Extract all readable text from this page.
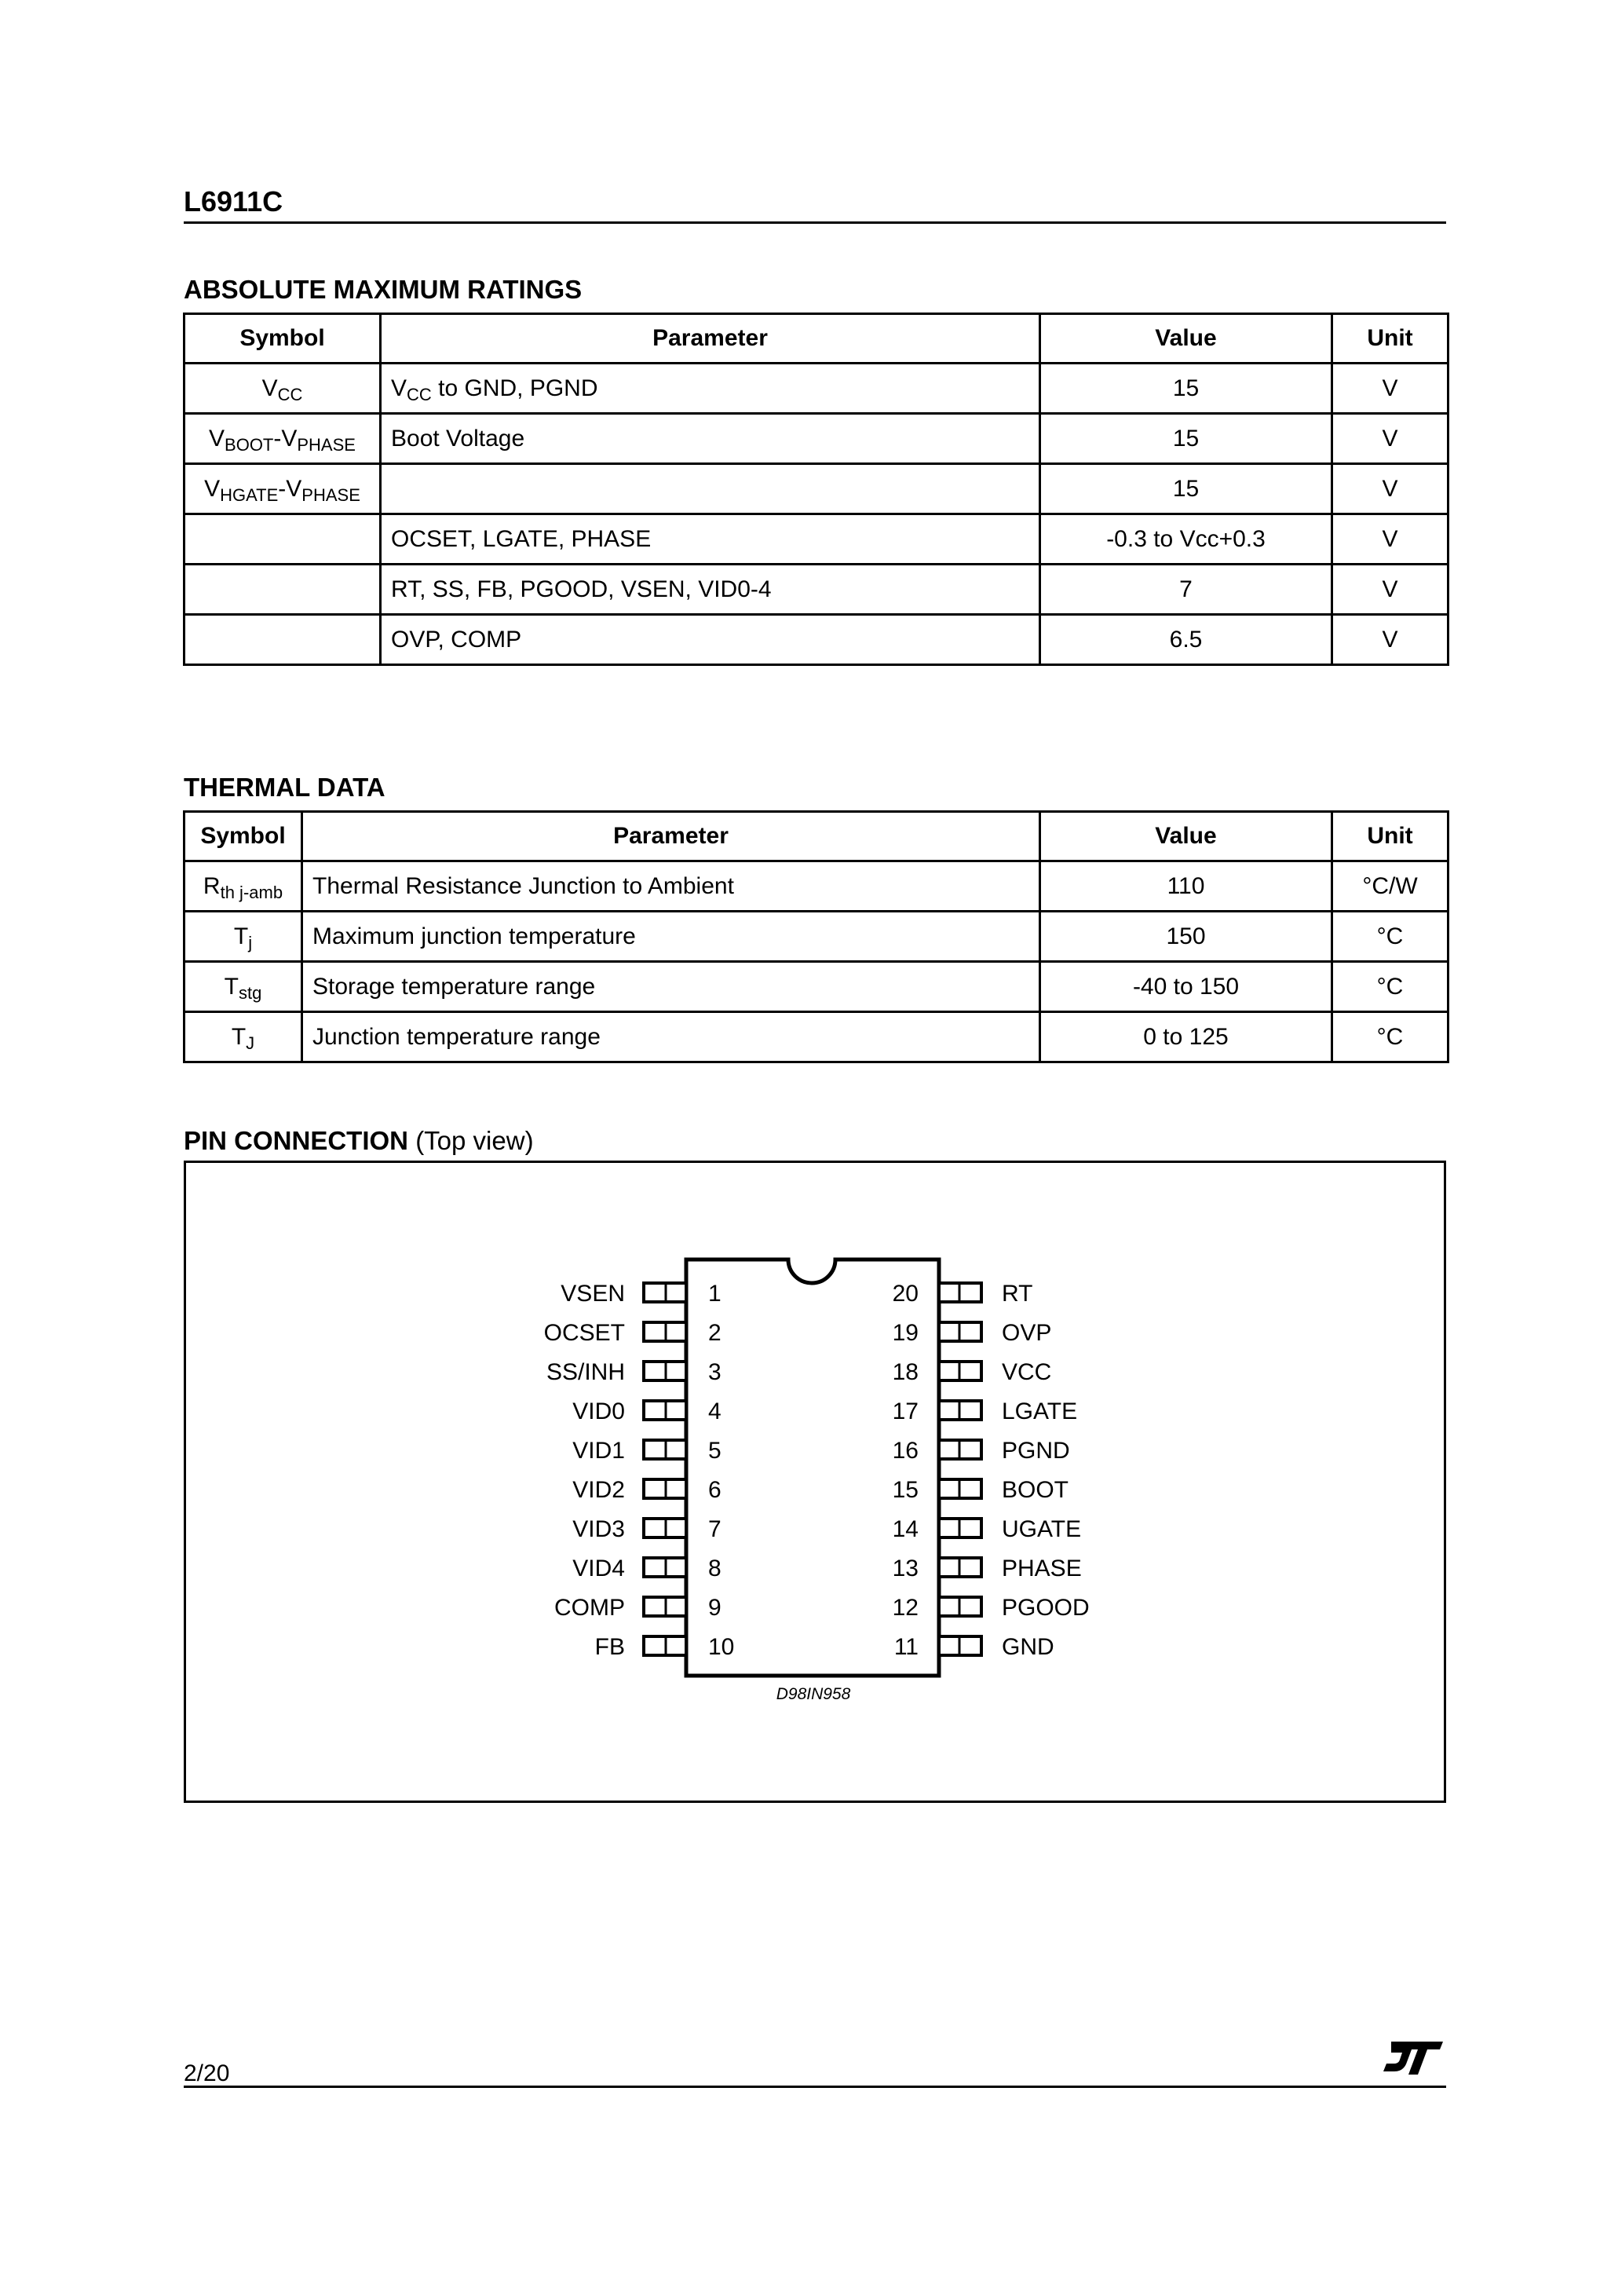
L6911C
ABSOLUTE MAXIMUM RATINGS
Symbol	Parameter	Value	Unit
$V_{CC}$	$V_{CC}$ to GND, PGND	15	V
$V_{BOOT}-V_{PHASE}$	Boot Voltage	15	V
$V_{HGATE}-V_{PHASE}$		15	V
	OCSET, LGATE, PHASE	-0.3 to Vcc+0.3	V
	RT, SS, FB, PGOOD, VSEN, VID0-4	7	V
	OVP, COMP	6.5	V
THERMAL DATA
Symbol	Parameter	Value	Unit
$R_{th j-amb}$	Thermal Resistance Junction to Ambient	110	°C/W
$T_j$	Maximum junction temperature	150	°C
$T_{stg}$	Storage temperature range	-40 to 150	°C
$T_J$	Junction temperature range	0 to 125	°C
PIN CONNECTION (Top view)
1
VSEN
2
OCSET
3
SS/INH
4
VID0
5
VID1
6
VID2
7
VID3
8
VID4
9
COMP
10
FB
20	RT
19	OVP
18	VCC
17	LGATE
16	PGND
15	BOOT
14	UGATE
13	PHASE
12	PGOOD
11	GND
D98IN958
2/20
ST
